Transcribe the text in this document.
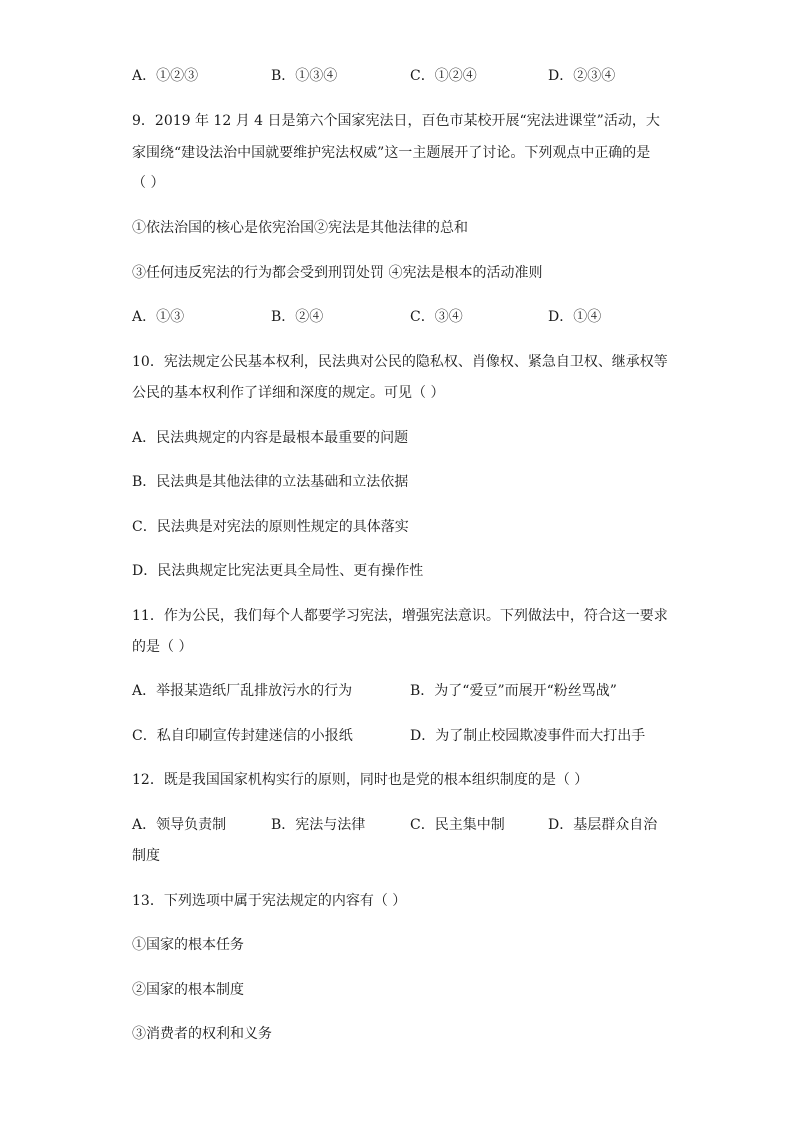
A．①②③	B．①③④	C．①②④	D．②③④
9．2019 年 12 月 4 日是第六个国家宪法日，百色市某校开展“宪法进课堂”活动，大
家围绕“建设法治中国就要维护宪法权威”这一主题展开了讨论。下列观点中正确的是
（ ）
①依法治国的核心是依宪治国②宪法是其他法律的总和
③任何违反宪法的行为都会受到刑罚处罚 ④宪法是根本的活动准则
A．①③	B．②④	C．③④	D．①④
10．宪法规定公民基本权利，民法典对公民的隐私权、肖像权、紧急自卫权、继承权等
公民的基本权利作了详细和深度的规定。可见（ ）
A．民法典规定的内容是最根本最重要的问题
B．民法典是其他法律的立法基础和立法依据
C．民法典是对宪法的原则性规定的具体落实
D．民法典规定比宪法更具全局性、更有操作性
11．作为公民，我们每个人都要学习宪法，增强宪法意识。下列做法中，符合这一要求
的是（ ）
A．举报某造纸厂乱排放污水的行为	B．为了“爱豆”而展开“粉丝骂战”
C．私自印刷宣传封建迷信的小报纸	D．为了制止校园欺凌事件而大打出手
12．既是我国国家机构实行的原则，同时也是党的根本组织制度的是（ ）
A．领导负责制	B．宪法与法律	C．民主集中制	D．基层群众自治
制度
13．下列选项中属于宪法规定的内容有（ ）
①国家的根本任务
②国家的根本制度
③消费者的权利和义务
